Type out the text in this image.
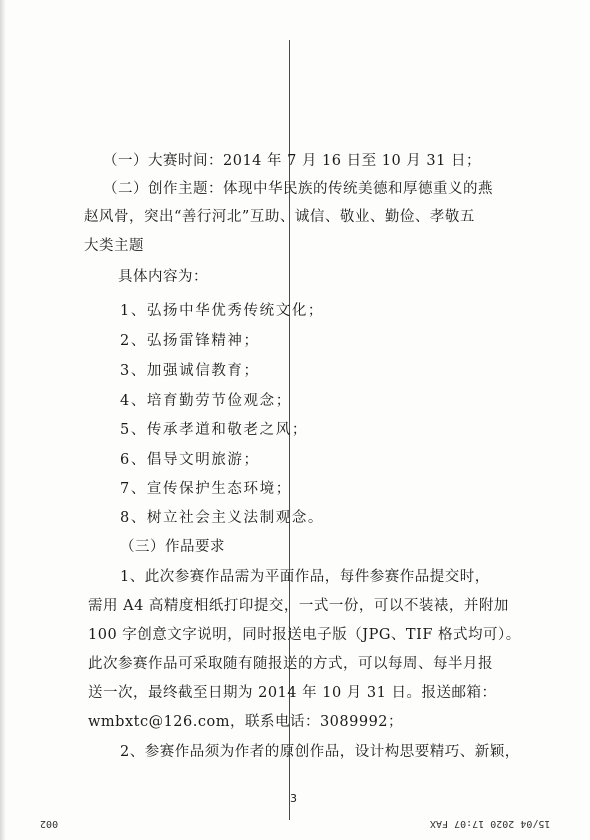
（一）大赛时间：2014 年 7 月 16 日至 10 月 31 日；
（二）创作主题：体现中华民族的传统美德和厚德重义的燕
赵风骨，突出“善行河北”互助、诚信、敬业、勤俭、孝敬五
大类主题
具体内容为：
1、弘扬中华优秀传统文化；
2、弘扬雷锋精神；
3、加强诚信教育；
4、培育勤劳节俭观念；
5、传承孝道和敬老之风；
6、倡导文明旅游；
7、宣传保护生态环境；
8、树立社会主义法制观念。
（三）作品要求
1、此次参赛作品需为平面作品，每件参赛作品提交时，
需用 A4 高精度相纸打印提交，一式一份，可以不装裱，并附加
100 字创意文字说明，同时报送电子版（JPG、TIF 格式均可）。
此次参赛作品可采取随有随报送的方式，可以每周、每半月报
送一次，最终截至日期为 2014 年 10 月 31 日。报送邮箱：
wmbxtc@126.com，联系电话：3089992；
2、参赛作品须为作者的原创作品，设计构思要精巧、新颖，
3
002	15/04 2020 17:07 FAX
